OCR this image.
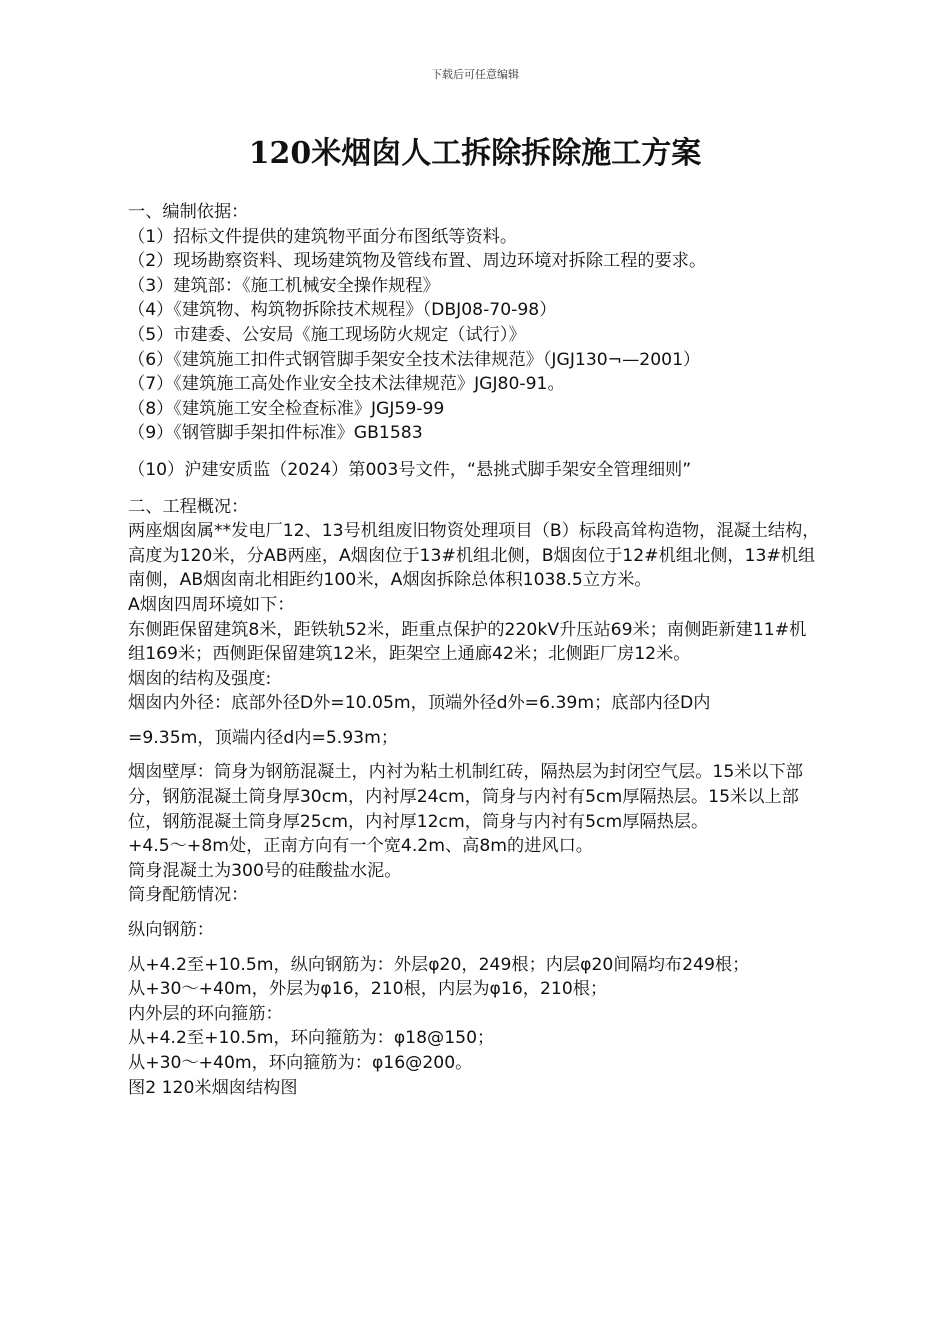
下载后可任意编辑
120米烟囱人工拆除拆除施工方案

一、编制依据：

（1）招标文件提供的建筑物平面分布图纸等资料。

（2）现场勘察资料、现场建筑物及管线布置、周边环境对拆除工程的要求。

（3）建筑部：《施工机械安全操作规程》

（4）《建筑物、构筑物拆除技术规程》（DBJ08-70-98）

（5）市建委、公安局《施工现场防火规定（试行）》

（6）《建筑施工扣件式钢管脚手架安全技术法律规范》（JGJ130¬—2001）

（7）《建筑施工高处作业安全技术法律规范》JGJ80-91。

（8）《建筑施工安全检查标准》JGJ59-99

（9）《钢管脚手架扣件标准》GB1583

（10）沪建安质监（2024）第003号文件，“悬挑式脚手架安全管理细则”

二、工程概况：

两座烟囱属**发电厂12、13号机组废旧物资处理项目（B）标段高耸构造物，混凝土结构，高度为120米，分AB两座，A烟囱位于13#机组北侧，B烟囱位于12#机组北侧，13#机组南侧，AB烟囱南北相距约100米，A烟囱拆除总体积1038.5立方米。

A烟囱四周环境如下：

东侧距保留建筑8米，距铁轨52米，距重点保护的220kV升压站69米；南侧距新建11#机组169米；西侧距保留建筑12米，距架空上通廊42米；北侧距厂房12米。

烟囱的结构及强度:

烟囱内外径：底部外径D外=10.05m，顶端外径d外=6.39m；底部内径D内

=9.35m，顶端内径d内=5.93m；

烟囱壁厚：筒身为钢筋混凝土，内衬为粘土机制红砖，隔热层为封闭空气层。15米以下部分，钢筋混凝土筒身厚30cm，内衬厚24cm，筒身与内衬有5cm厚隔热层。15米以上部位，钢筋混凝土筒身厚25cm，内衬厚12cm，筒身与内衬有5cm厚隔热层。

+4.5～+8m处，正南方向有一个宽4.2m、高8m的进风口。

筒身混凝土为300号的硅酸盐水泥。

筒身配筋情况：

纵向钢筋：

从+4.2至+10.5m，纵向钢筋为：外层φ20，249根；内层φ20间隔均布249根；

从+30～+40m，外层为φ16，210根，内层为φ16，210根；

内外层的环向箍筋：

从+4.2至+10.5m，环向箍筋为：φ18@150；

从+30～+40m，环向箍筋为：φ16@200。

图2 120米烟囱结构图
